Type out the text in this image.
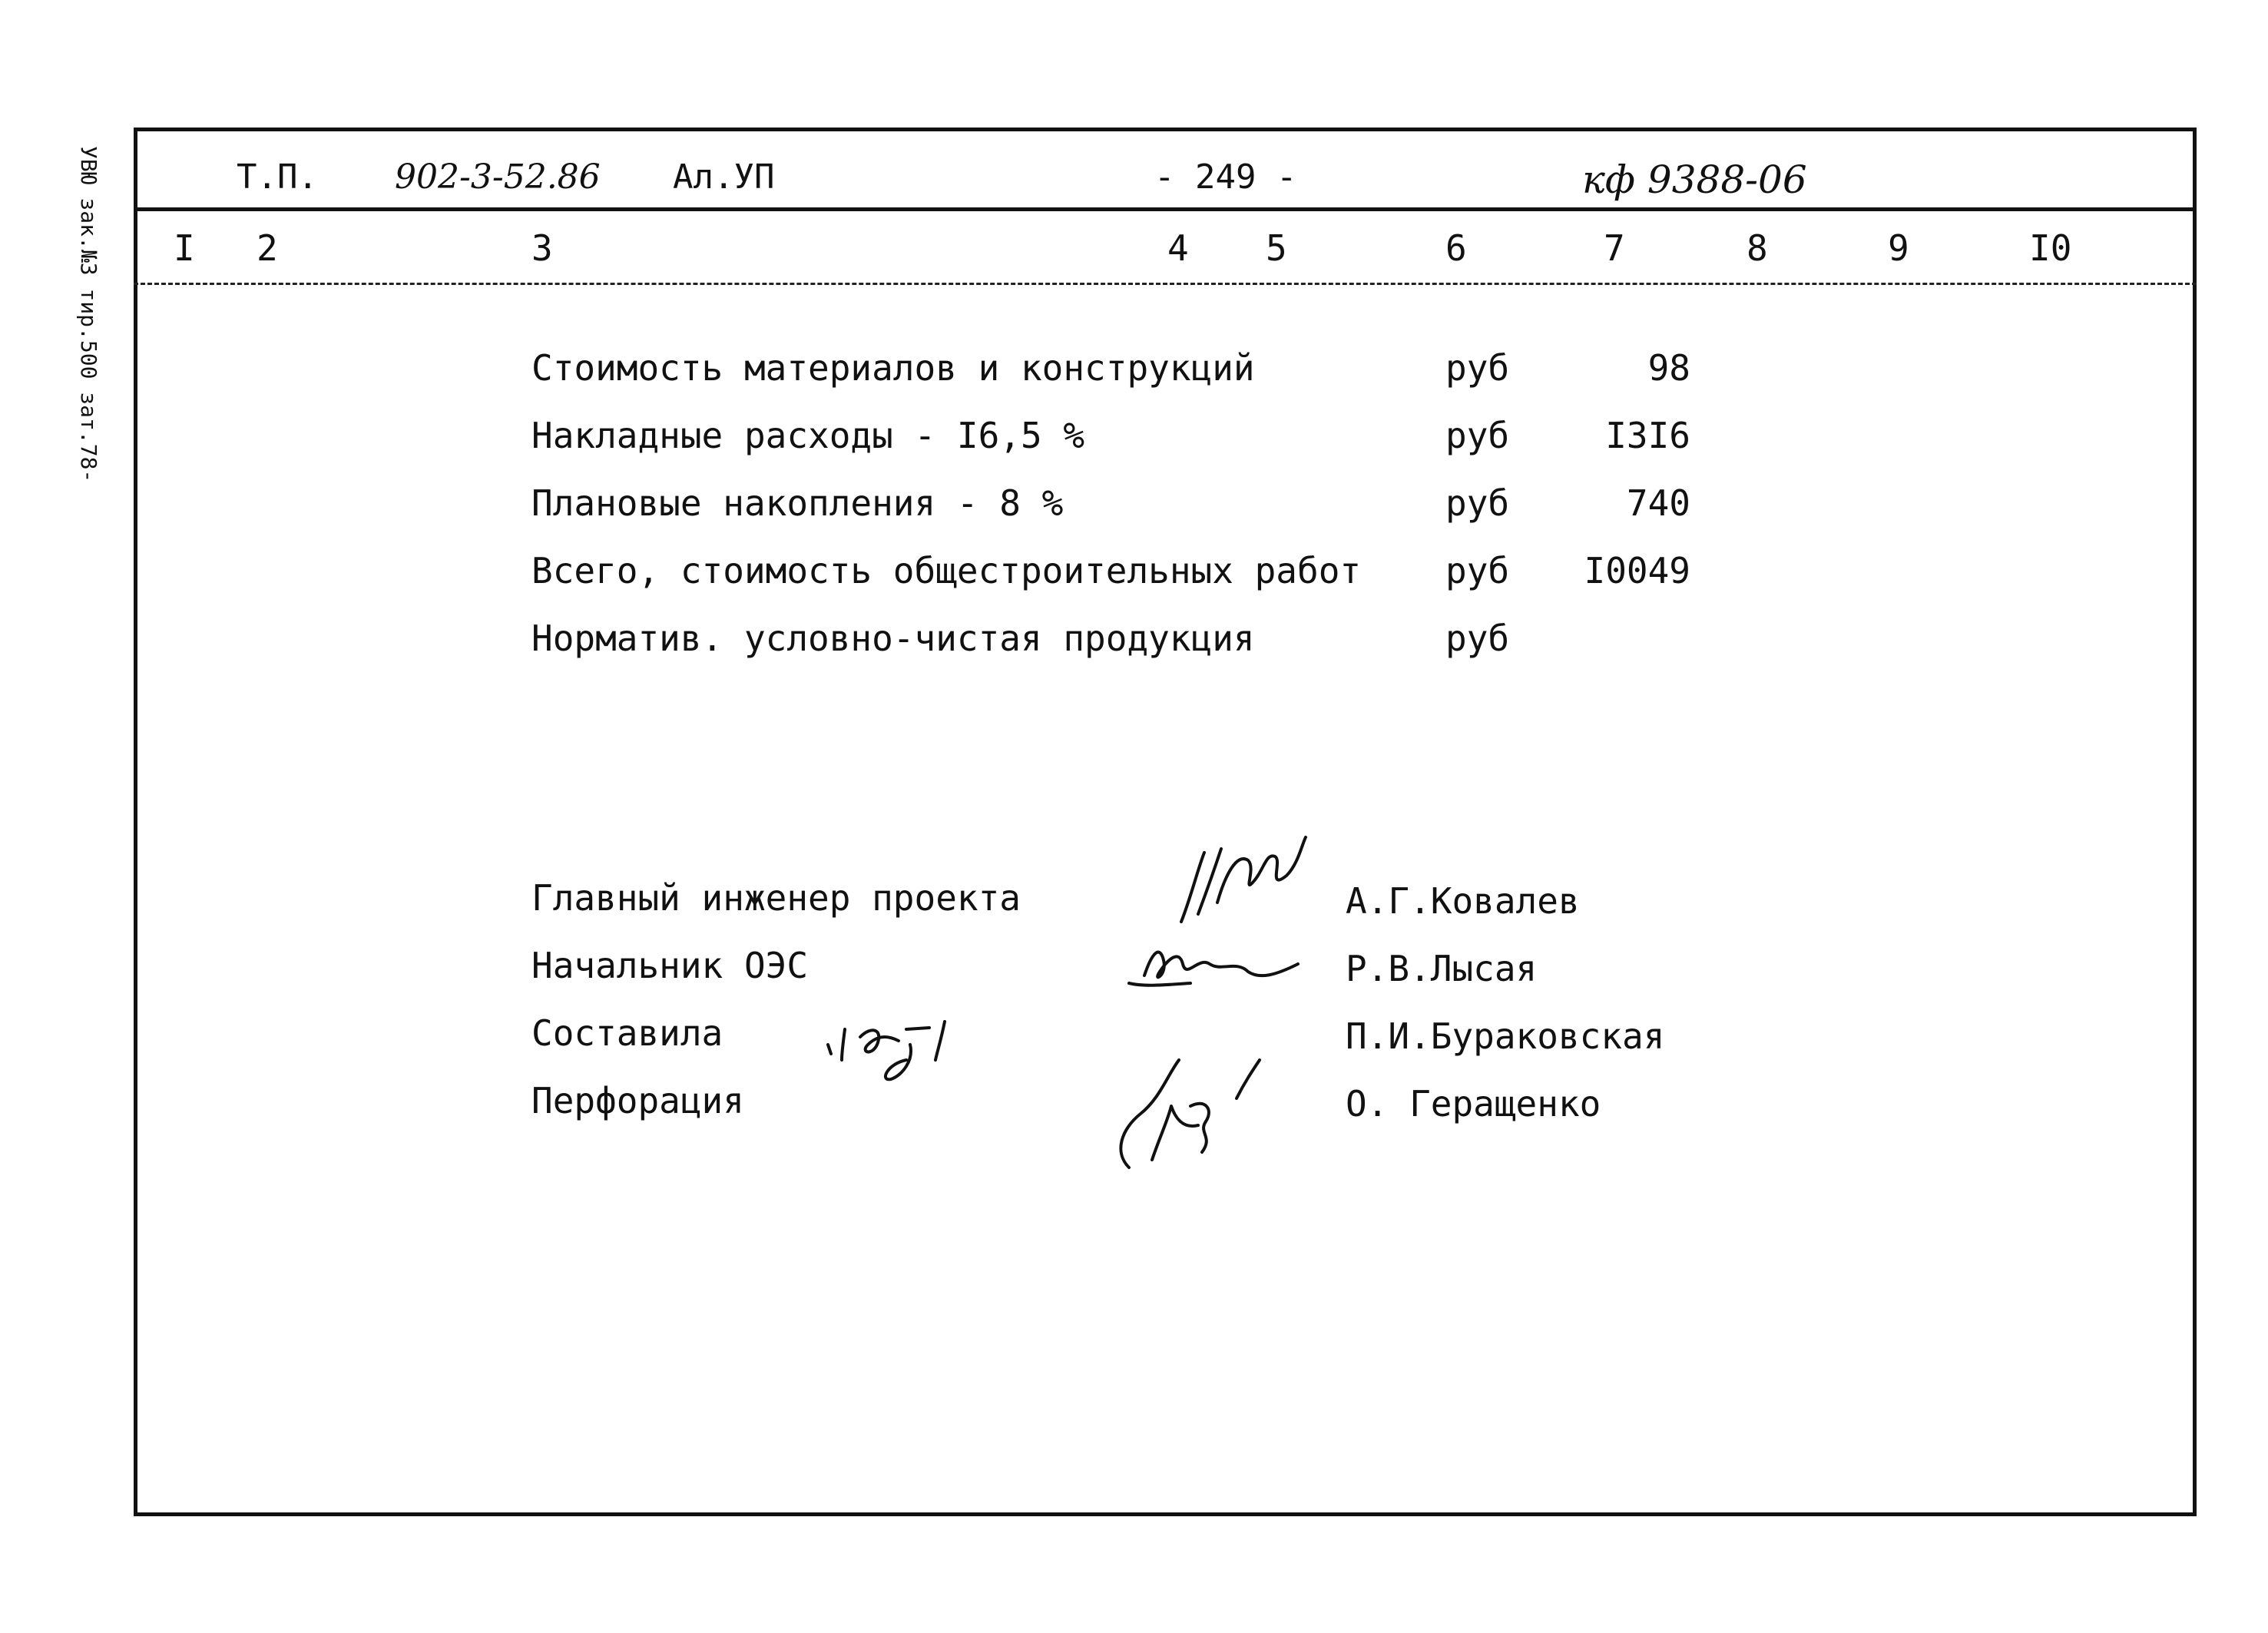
УВЮ зак.№3 тир.500 зат.78-	Т.П. 902-3-52.86 Ал.УП	- 249 -	кф 9388-06
I 2	3	4 5	6	7	8	9	I0
Стоимость материалов и конструкций	руб	98
Накладные расходы - I6,5 %	руб	I3I6
Плановые накопления - 8 %	руб	740
Всего, стоимость общестроительных работ руб I0049
Норматив. условно-чистая продукция	руб
Главный инженер проекта	А.Г.Ковалев
Начальник ОЭС	Р.В.Лысая
Составила	П.И.Бураковская
Перфорация	О. Геращенко
